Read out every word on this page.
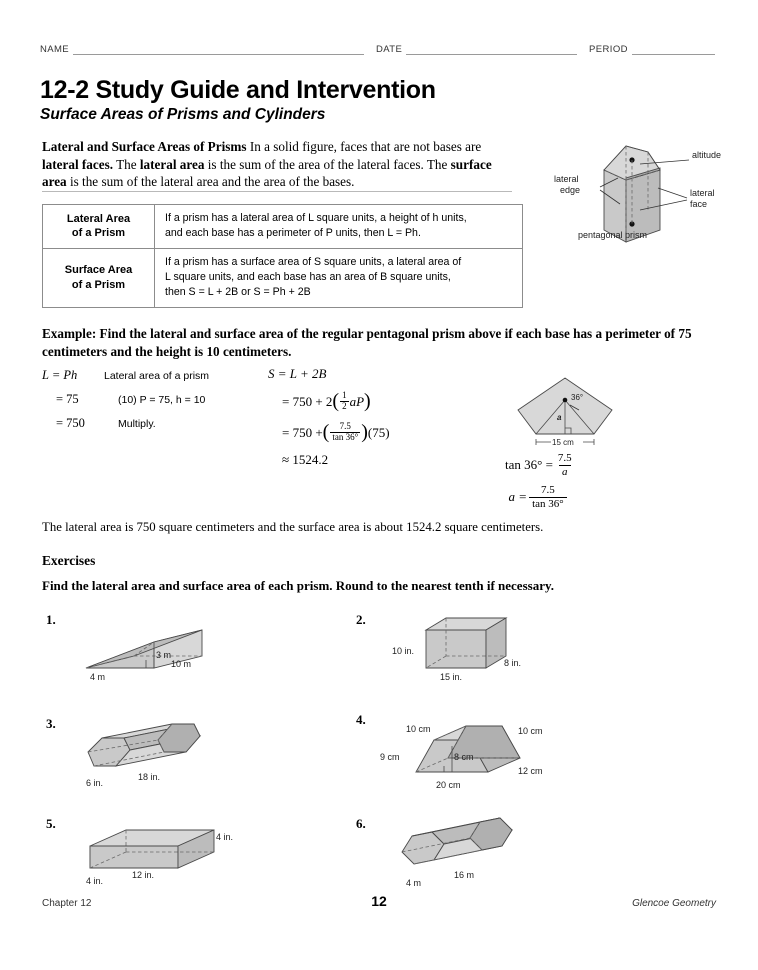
NAME	DATE	PERIOD
12-2 Study Guide and Intervention
Surface Areas of Prisms and Cylinders
Lateral and Surface Areas of Prisms In a solid figure, faces that are not bases are lateral faces. The lateral area is the sum of the area of the lateral faces. The surface area is the sum of the lateral area and the area of the bases.
altitude
lateral
edge	lateral
face
pentagonal prism
Lateral Area
of a Prism	If a prism has a lateral area of L square units, a height of h units,
and each base has a perimeter of P units, then L = Ph.
Surface Area
of a Prism	If a prism has a surface area of S square units, a lateral area of
L square units, and each base has an area of B square units,
then S = L + 2B or S = Ph + 2B
Example: Find the lateral and surface area of the regular pentagonal prism above if each base has a perimeter of 75 centimeters and the height is 10 centimeters.
L = Ph	Lateral area of a prism
= 75	(10) P = 75, h = 10
= 750	Multiply.
S = L + 2B
= 750 + 2 ( $\frac{1}{2}$ aP )
= 750 + ( $\frac{7.5}{\tan 36^\circ}$ ) (75)
≈ 1524.2
36°
a
15 cm
$\tan 36^\circ = \frac{7.5}{a}$
$a = \frac{7.5}{\tan 36^\circ}$
The lateral area is 750 square centimeters and the surface area is about 1524.2 square centimeters.
Exercises
Find the lateral area and surface area of each prism. Round to the nearest tenth if necessary.
1.
3 m
10 m
4 m
2.
10 in.
8 in.
15 in.
3.
6 in.
18 in.
4.
10 cm	10 cm
9 cm	8 cm
12 cm
20 cm
5.
4 in.
12 in.
4 in.
6.
4 m
16 m
Chapter 12	12	Glencoe Geometry
